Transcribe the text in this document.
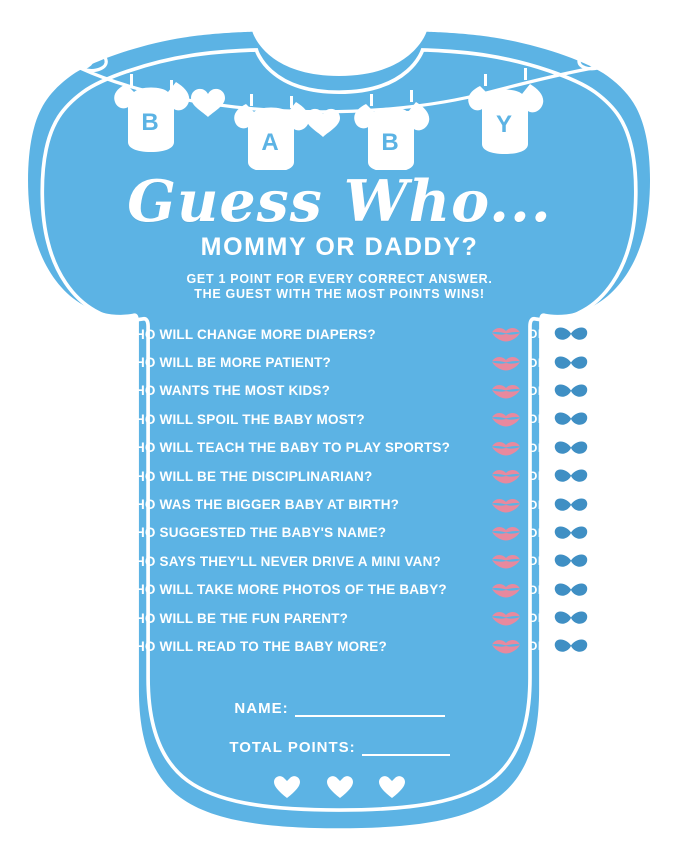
B
A	B
Y
Guess Who...
MOMMY OR DADDY?
GET 1 POINT FOR EVERY CORRECT ANSWER.
THE GUEST WITH THE MOST POINTS WINS!
1. WHO WILL CHANGE MORE DIAPERS?	OR
2. WHO WILL BE MORE PATIENT?	OR
3. WHO WANTS THE MOST KIDS?	OR
4. WHO WILL SPOIL THE BABY MOST?	OR
5. WHO WILL TEACH THE BABY TO PLAY SPORTS?	OR
6. WHO WILL BE THE DISCIPLINARIAN?	OR
7. WHO WAS THE BIGGER BABY AT BIRTH?	OR
8. WHO SUGGESTED THE BABY'S NAME?	OR
9. WHO SAYS THEY'LL NEVER DRIVE A MINI VAN?	OR
10. WHO WILL TAKE MORE PHOTOS OF THE BABY?	OR
11. WHO WILL BE THE FUN PARENT?	OR
12. WHO WILL READ TO THE BABY MORE?	OR
NAME:
TOTAL POINTS:
